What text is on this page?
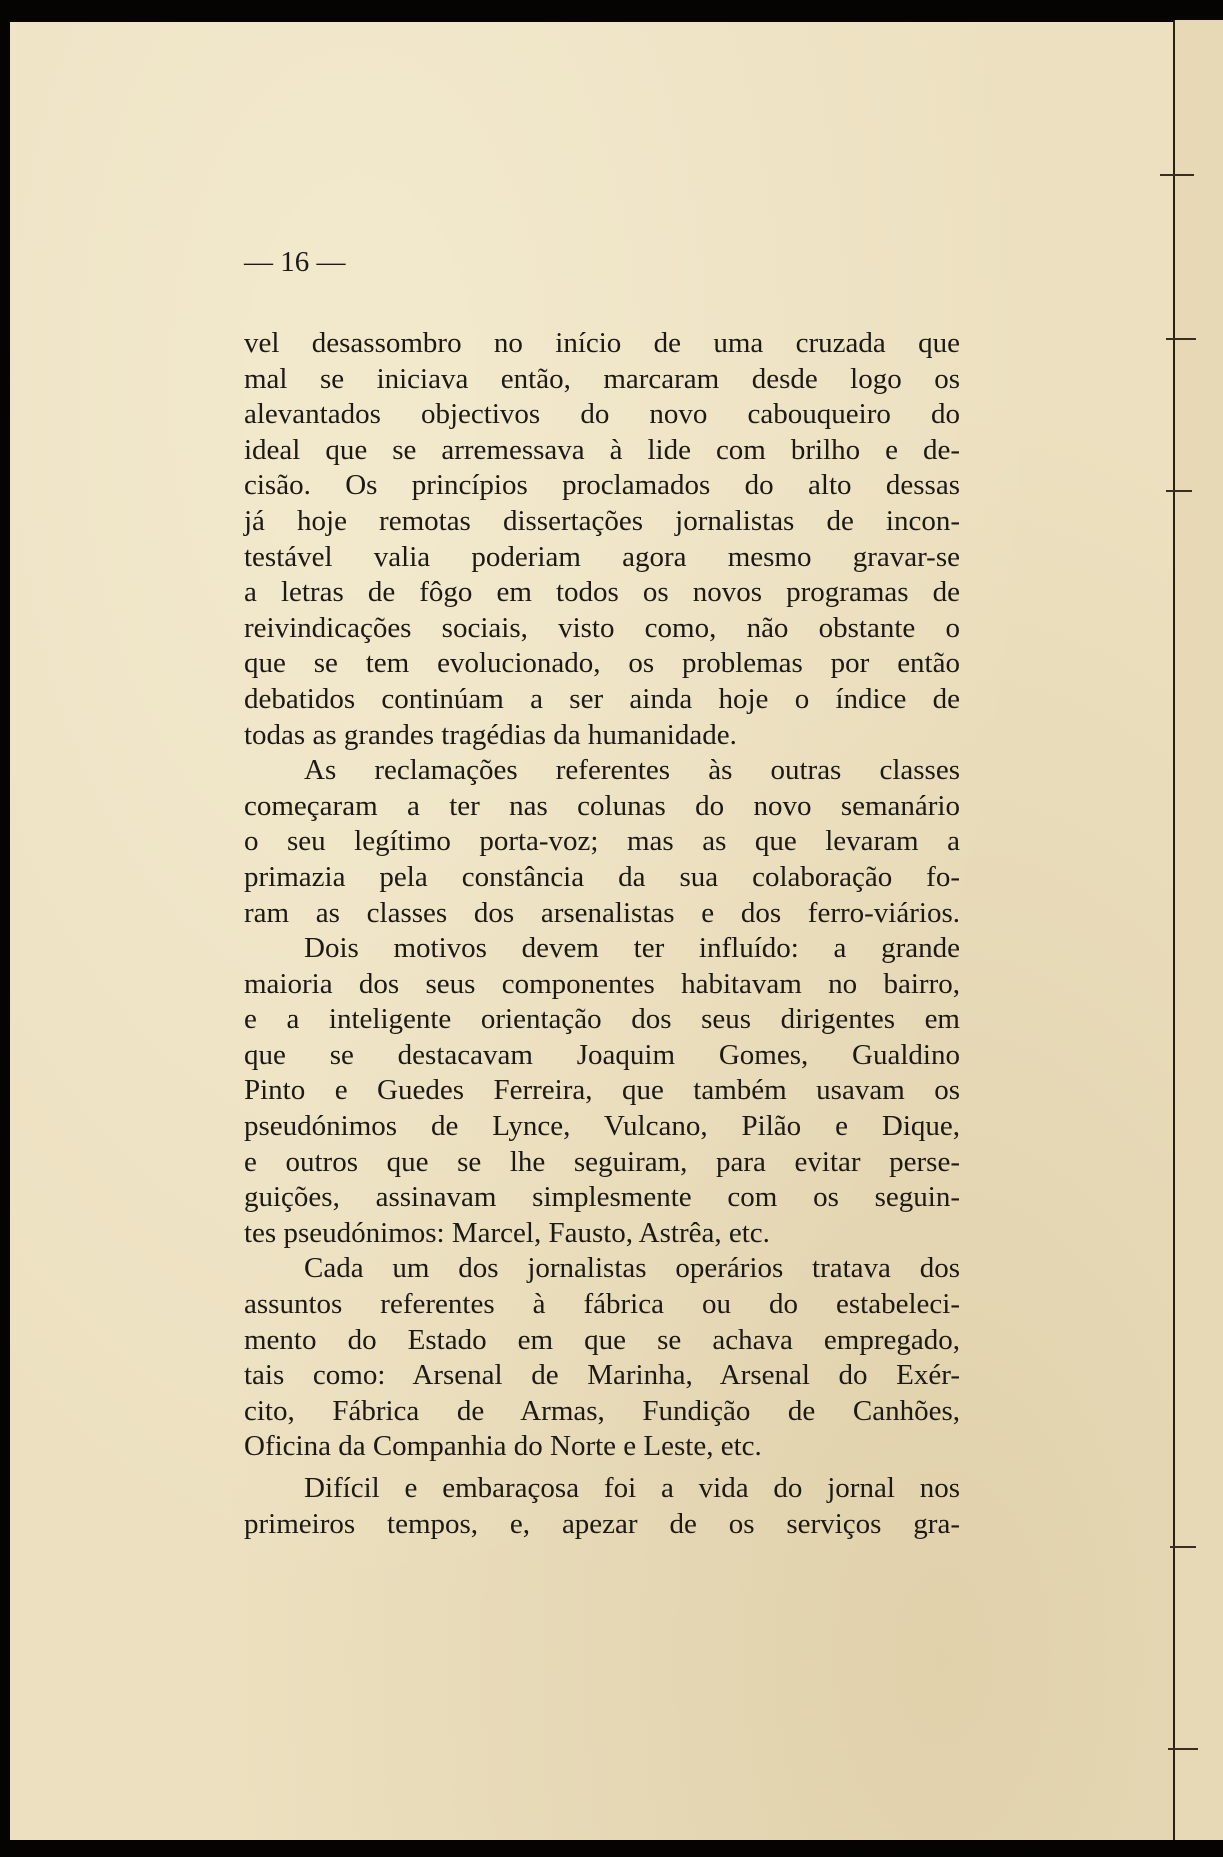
— 16 —
vel desassombro no início de uma cruzada que
mal se iniciava então, marcaram desde logo os
alevantados objectivos do novo cabouqueiro do
ideal que se arremessava à lide com brilho e de-
cisão. Os princípios proclamados do alto dessas
já hoje remotas dissertações jornalistas de incon-
testável valia poderiam agora mesmo gravar-se
a letras de fôgo em todos os novos programas de
reivindicações sociais, visto como, não obstante o
que se tem evolucionado, os problemas por então
debatidos continúam a ser ainda hoje o índice de
todas as grandes tragédias da humanidade.
As reclamações referentes às outras classes
começaram a ter nas colunas do novo semanário
o seu legítimo porta-voz; mas as que levaram a
primazia pela constância da sua colaboração fo-
ram as classes dos arsenalistas e dos ferro-viários.
Dois motivos devem ter influído: a grande
maioria dos seus componentes habitavam no bairro,
e a inteligente orientação dos seus dirigentes em
que se destacavam Joaquim Gomes, Gualdino
Pinto e Guedes Ferreira, que também usavam os
pseudónimos de Lynce, Vulcano, Pilão e Dique,
e outros que se lhe seguiram, para evitar perse-
guições, assinavam simplesmente com os seguin-
tes pseudónimos: Marcel, Fausto, Astrêa, etc.
Cada um dos jornalistas operários tratava dos
assuntos referentes à fábrica ou do estabeleci-
mento do Estado em que se achava empregado,
tais como: Arsenal de Marinha, Arsenal do Exér-
cito, Fábrica de Armas, Fundição de Canhões,
Oficina da Companhia do Norte e Leste, etc.
Difícil e embaraçosa foi a vida do jornal nos
primeiros tempos, e, apezar de os serviços gra-
